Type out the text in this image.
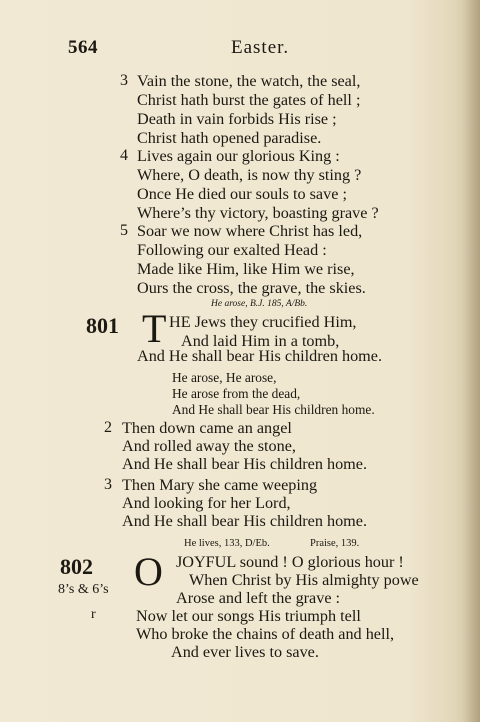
564	Easter.
3 Vain the stone, the watch, the seal,
Christ hath burst the gates of hell ;
Death in vain forbids His rise ;
Christ hath opened paradise.
4 Lives again our glorious King :
Where, O death, is now thy sting ?
Once He died our souls to save ;
Where’s thy victory, boasting grave ?
5 Soar we now where Christ has led,
Following our exalted Head :
Made like Him, like Him we rise,
Ours the cross, the grave, the skies.
He arose, B.J. 185, A/Bb.
801 T HE Jews they crucified Him,
And laid Him in a tomb,
And He shall bear His children home.
He arose, He arose,
He arose from the dead,
And He shall bear His children home.
2 Then down came an angel
And rolled away the stone,
And He shall bear His children home.
3 Then Mary she came weeping
And looking for her Lord,
And He shall bear His children home.
He lives, 133, D/Eb.	Praise, 139.
802
8’s & 6’s
r
O JOYFUL sound ! O glorious hour !
When Christ by His almighty powe
Arose and left the grave :
Now let our songs His triumph tell
Who broke the chains of death and hell,
And ever lives to save.
